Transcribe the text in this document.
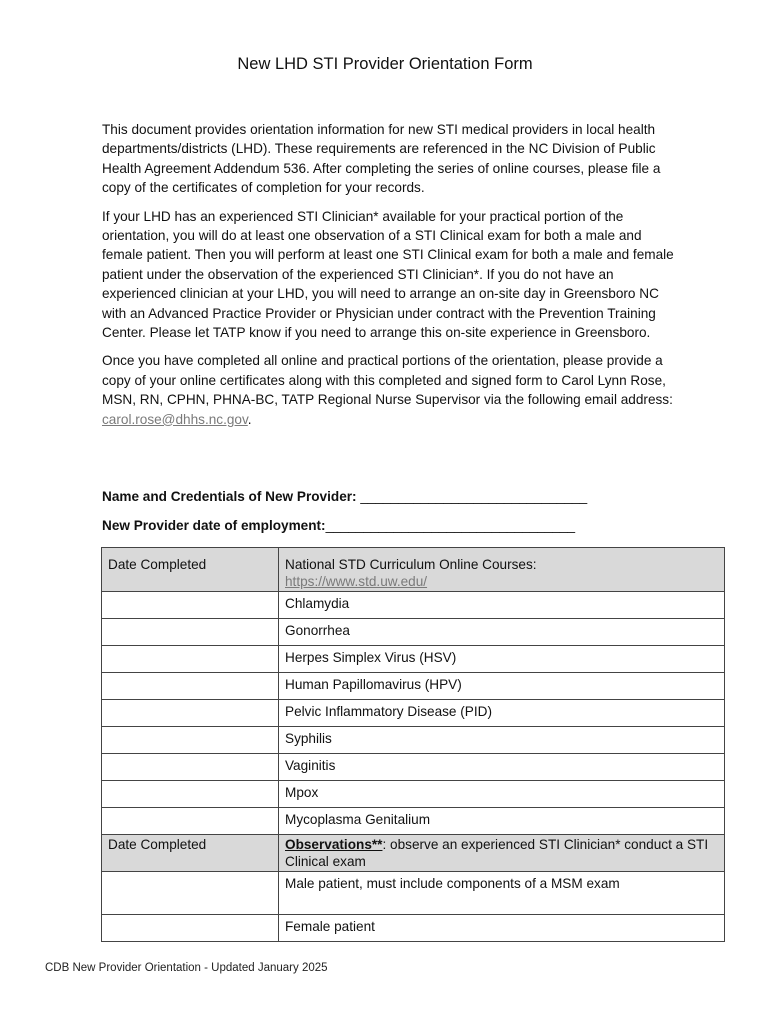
New LHD STI Provider Orientation Form

This document provides orientation information for new STI medical providers in local health departments/districts (LHD). These requirements are referenced in the NC Division of Public Health Agreement Addendum 536. After completing the series of online courses, please file a copy of the certificates of completion for your records.

If your LHD has an experienced STI Clinician* available for your practical portion of the orientation, you will do at least one observation of a STI Clinical exam for both a male and female patient. Then you will perform at least one STI Clinical exam for both a male and female patient under the observation of the experienced STI Clinician*. If you do not have an experienced clinician at your LHD, you will need to arrange an on-site day in Greensboro NC with an Advanced Practice Provider or Physician under contract with the Prevention Training Center. Please let TATP know if you need to arrange this on-site experience in Greensboro.

Once you have completed all online and practical portions of the orientation, please provide a copy of your online certificates along with this completed and signed form to Carol Lynn Rose, MSN, RN, CPHN, PHNA-BC, TATP Regional Nurse Supervisor via the following email address: carol.rose@dhhs.nc.gov.

Name and Credentials of New Provider: ______________________________
New Provider date of employment:_________________________________
Date Completed	National STD Curriculum Online Courses:
https://www.std.uw.edu/
	Chlamydia
	Gonorrhea
	Herpes Simplex Virus (HSV)
	Human Papillomavirus (HPV)
	Pelvic Inflammatory Disease (PID)
	Syphilis
	Vaginitis
	Mpox
	Mycoplasma Genitalium
Date Completed	Observations**: observe an experienced STI Clinician* conduct a STI Clinical exam
	Male patient, must include components of a MSM exam
	Female patient
CDB New Provider Orientation - Updated January 2025
